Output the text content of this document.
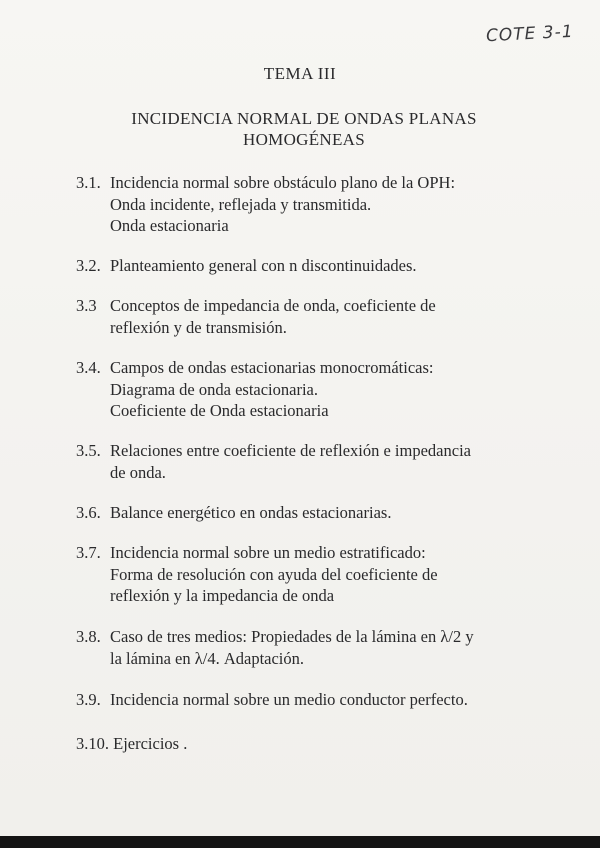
COTE 3-1
TEMA III
INCIDENCIA NORMAL DE ONDAS PLANAS
HOMOGÉNEAS
3.1. Incidencia normal sobre obstáculo plano de la OPH:
Onda incidente, reflejada y transmitida.
Onda estacionaria
3.2. Planteamiento general con n discontinuidades.
3.3 Conceptos de impedancia de onda, coeficiente de
reflexión y de transmisión.
3.4. Campos de ondas estacionarias monocromáticas:
Diagrama de onda estacionaria.
Coeficiente de Onda estacionaria
3.5. Relaciones entre coeficiente de reflexión e impedancia
de onda.
3.6. Balance energético en ondas estacionarias.
3.7. Incidencia normal sobre un medio estratificado:
Forma de resolución con ayuda del coeficiente de
reflexión y la impedancia de onda
3.8. Caso de tres medios: Propiedades de la lámina en λ/2 y
la lámina en λ/4. Adaptación.
3.9. Incidencia normal sobre un medio conductor perfecto.
3.10. Ejercicios .
